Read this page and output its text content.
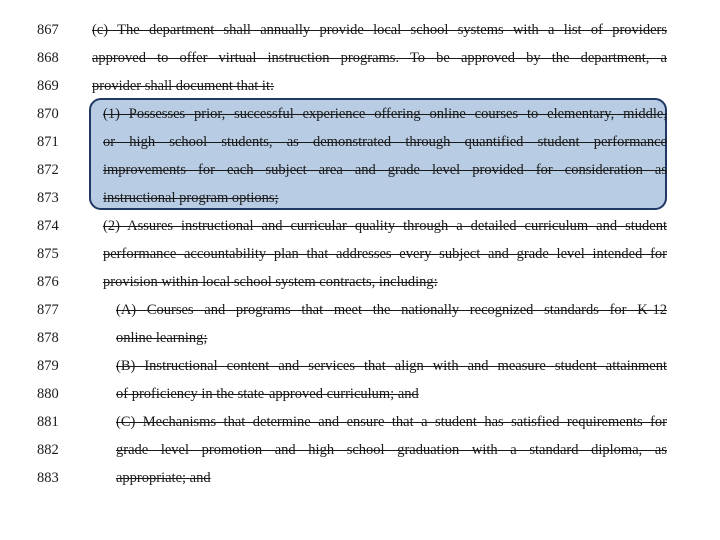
867 (c) The department shall annually provide local school systems with a list of providers
868 approved to offer virtual instruction programs. To be approved by the department, a
869 provider shall document that it:
870	(1) Possesses prior, successful experience offering online courses to elementary, middle,
871	or high school students, as demonstrated through quantified student performance
872	improvements for each subject area and grade level provided for consideration as
873	instructional program options;
874	(2) Assures instructional and curricular quality through a detailed curriculum and student
875	performance accountability plan that addresses every subject and grade level intended for
876	provision within local school system contracts, including:
877	(A) Courses and programs that meet the nationally recognized standards for K-12
878	online learning;
879	(B) Instructional content and services that align with and measure student attainment
880	of proficiency in the state-approved curriculum; and
881	(C) Mechanisms that determine and ensure that a student has satisfied requirements for
882	grade level promotion and high school graduation with a standard diploma, as
883	appropriate; and
